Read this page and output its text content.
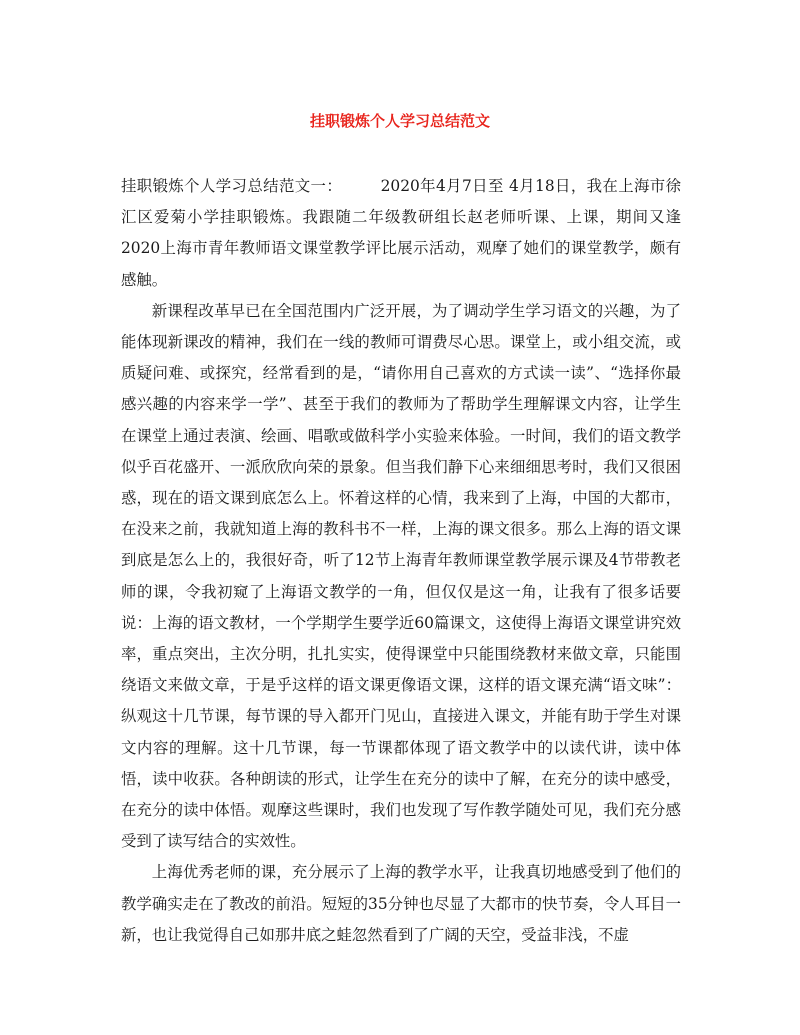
挂职锻炼个人学习总结范文

挂职锻炼个人学习总结范文一：    2020年4月7日至 4月18日，我在上海市徐汇区爱菊小学挂职锻炼。我跟随二年级教研组长赵老师听课、上课，期间又逢2020上海市青年教师语文课堂教学评比展示活动，观摩了她们的课堂教学，颇有感触。

新课程改革早已在全国范围内广泛开展，为了调动学生学习语文的兴趣，为了能体现新课改的精神，我们在一线的教师可谓费尽心思。课堂上，或小组交流，或质疑问难、或探究，经常看到的是，“请你用自己喜欢的方式读一读”、“选择你最感兴趣的内容来学一学”、甚至于我们的教师为了帮助学生理解课文内容，让学生在课堂上通过表演、绘画、唱歌或做科学小实验来体验。一时间，我们的语文教学似乎百花盛开、一派欣欣向荣的景象。但当我们静下心来细细思考时，我们又很困惑，现在的语文课到底怎么上。怀着这样的心情，我来到了上海，中国的大都市，在没来之前，我就知道上海的教科书不一样，上海的课文很多。那么上海的语文课到底是怎么上的，我很好奇，听了12节上海青年教师课堂教学展示课及4节带教老师的课，令我初窥了上海语文教学的一角，但仅仅是这一角，让我有了很多话要说：上海的语文教材，一个学期学生要学近60篇课文，这使得上海语文课堂讲究效率，重点突出，主次分明，扎扎实实，使得课堂中只能围绕教材来做文章，只能围绕语文来做文章，于是乎这样的语文课更像语文课，这样的语文课充满“语文味”：纵观这十几节课，每节课的导入都开门见山，直接进入课文，并能有助于学生对课文内容的理解。这十几节课，每一节课都体现了语文教学中的以读代讲，读中体悟，读中收获。各种朗读的形式，让学生在充分的读中了解，在充分的读中感受，在充分的读中体悟。观摩这些课时，我们也发现了写作教学随处可见，我们充分感受到了读写结合的实效性。

上海优秀老师的课，充分展示了上海的教学水平，让我真切地感受到了他们的教学确实走在了教改的前沿。短短的35分钟也尽显了大都市的快节奏，令人耳目一新，也让我觉得自己如那井底之蛙忽然看到了广阔的天空，受益非浅，不虚
